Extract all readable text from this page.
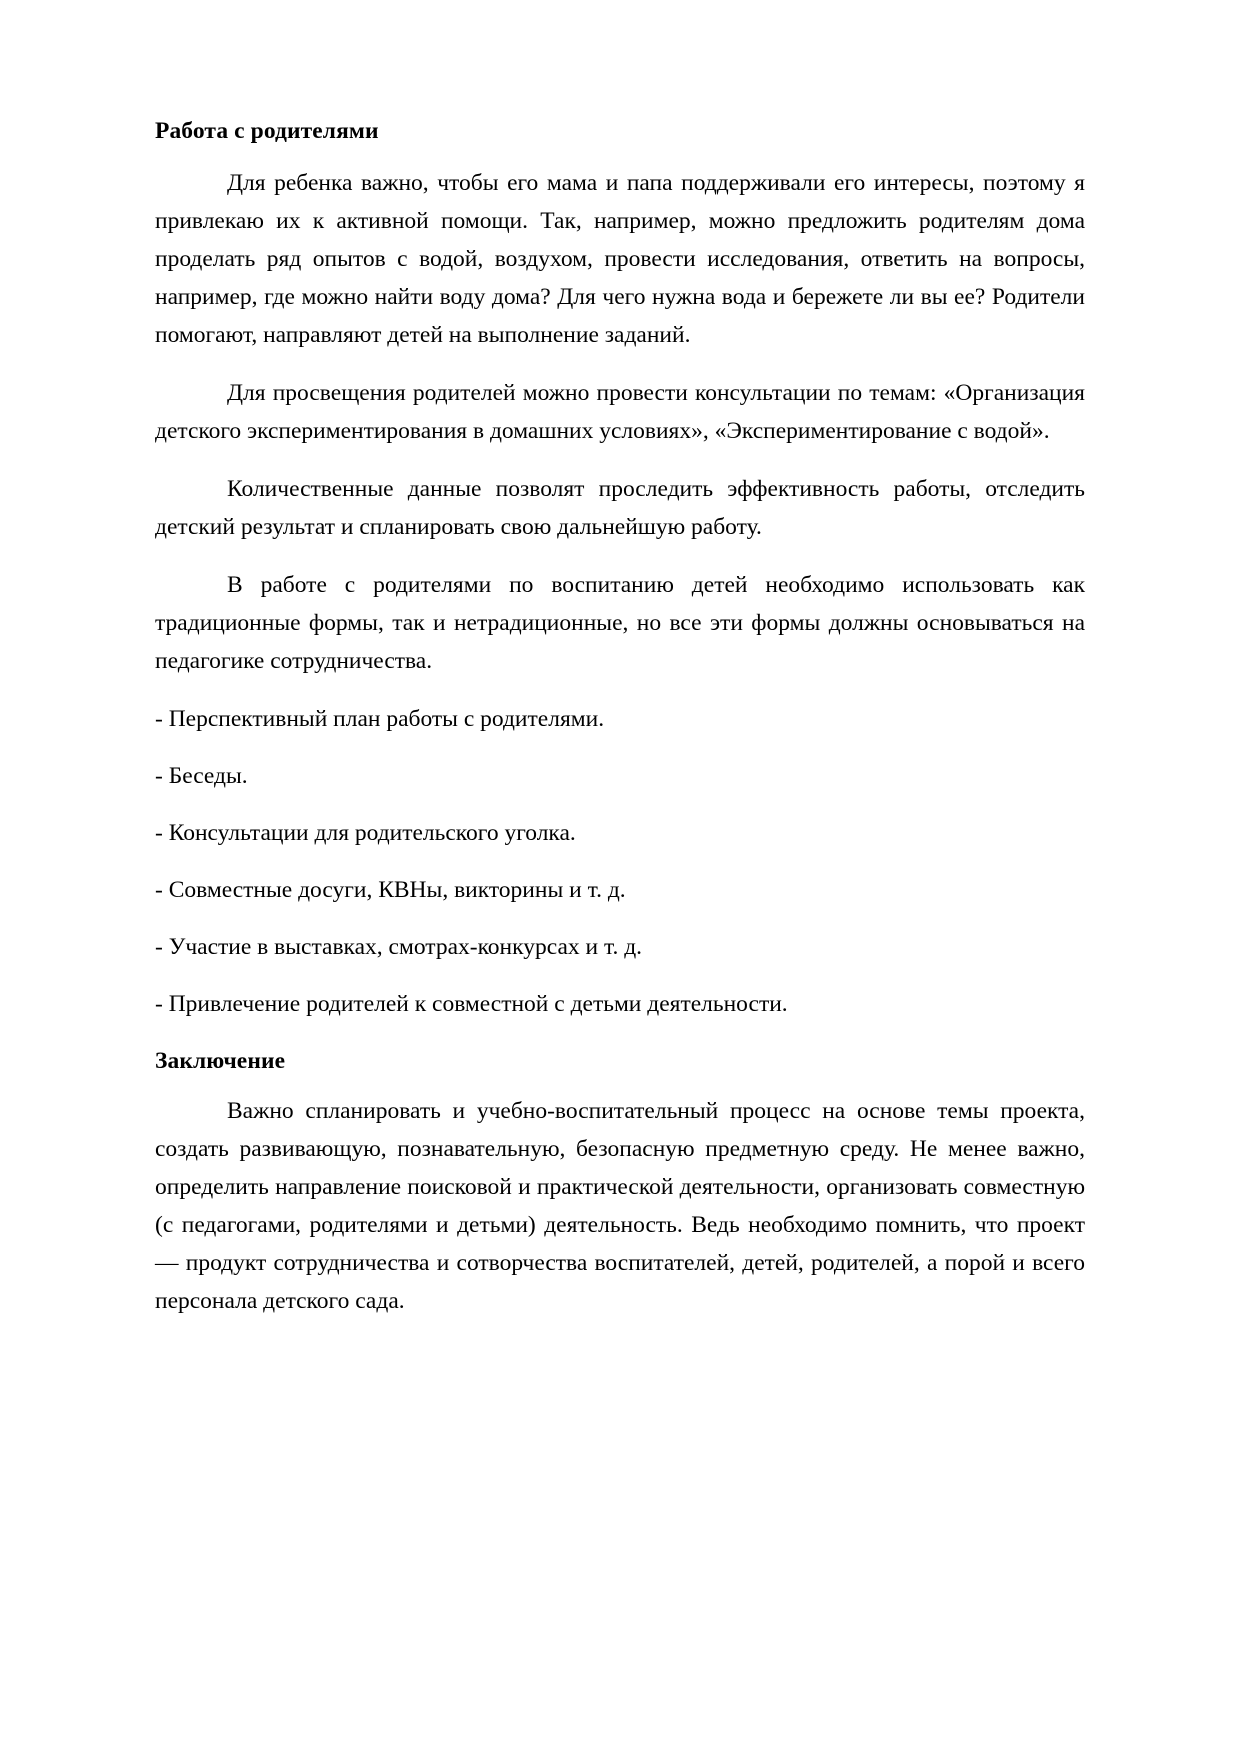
Работа с родителями

Для ребенка важно, чтобы его мама и папа поддерживали его интересы, поэтому я привлекаю их к активной помощи. Так, например, можно предложить родителям дома проделать ряд опытов с водой, воздухом, провести исследования, ответить на вопросы, например, где можно найти воду дома? Для чего нужна вода и бережете ли вы ее? Родители помогают, направляют детей на выполнение заданий.

Для просвещения родителей можно провести консультации по темам: «Организация детского экспериментирования в домашних условиях», «Экспериментирование с водой».

Количественные данные позволят проследить эффективность работы, отследить детский результат и спланировать свою дальнейшую работу.

В работе с родителями по воспитанию детей необходимо использовать как традиционные формы, так и нетрадиционные, но все эти формы должны основываться на педагогике сотрудничества.

- Перспективный план работы с родителями.
- Беседы.
- Консультации для родительского уголка.
- Совместные досуги, КВНы, викторины и т. д.
- Участие в выставках, смотрах-конкурсах и т. д.
- Привлечение родителей к совместной с детьми деятельности.
Заключение

Важно спланировать и учебно-воспитательный процесс на основе темы проекта, создать развивающую, познавательную, безопасную предметную среду. Не менее важно, определить направление поисковой и практической деятельности, организовать совместную (с педагогами, родителями и детьми) деятельность. Ведь необходимо помнить, что проект — продукт сотрудничества и сотворчества воспитателей, детей, родителей, а порой и всего персонала детского сада.
